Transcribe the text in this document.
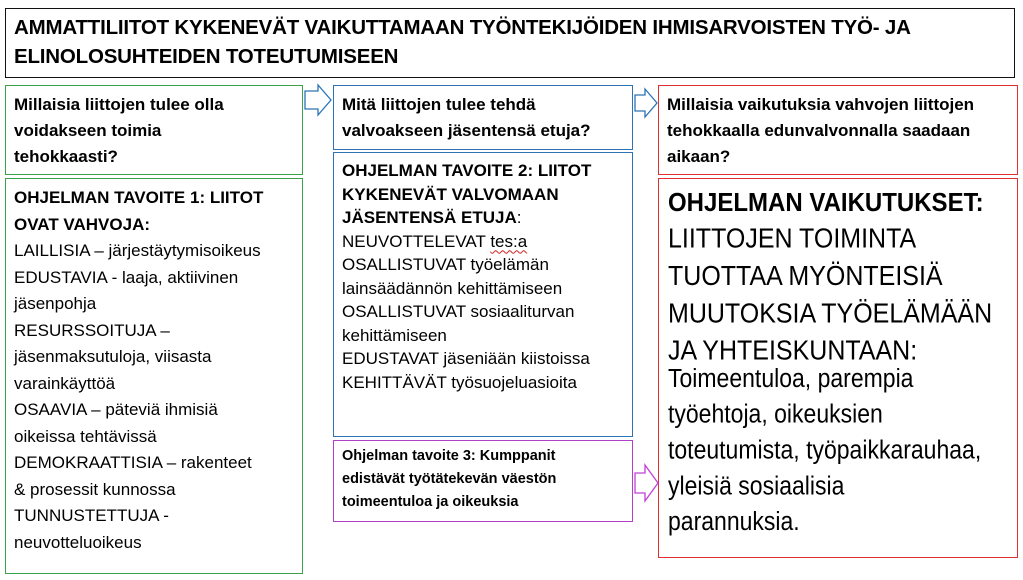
AMMATTILIITOT KYKENEVÄT VAIKUTTAMAAN TYÖNTEKIJÖIDEN IHMISARVOISTEN TYÖ- JA
ELINOLOSUHTEIDEN TOTEUTUMISEEN
Millaisia liittojen tulee olla
voidakseen toimia
tehokkaasti?
Mitä liittojen tulee tehdä
valvoakseen jäsentensä etuja?
Millaisia vaikutuksia vahvojen liittojen
tehokkaalla edunvalvonnalla saadaan
aikaan?
OHJELMAN TAVOITE 1: LIITOT
OVAT VAHVOJA:
LAILLISIA – järjestäytymisoikeus
EDUSTAVIA - laaja, aktiivinen
jäsenpohja
RESURSSOITUJA –
jäsenmaksutuloja, viisasta
varainkäyttöä
OSAAVIA – päteviä ihmisiä
oikeissa tehtävissä
DEMOKRAATTISIA – rakenteet
& prosessit kunnossa
TUNNUSTETTUJA -
neuvotteluoikeus
OHJELMAN TAVOITE 2: LIITOT
KYKENEVÄT VALVOMAAN
JÄSENTENSÄ ETUJA:
NEUVOTTELEVAT tes:a
OSALLISTUVAT työelämän
lainsäädännön kehittämiseen
OSALLISTUVAT sosiaaliturvan
kehittämiseen
EDUSTAVAT jäseniään kiistoissa
KEHITTÄVÄT työsuojeluasioita
Ohjelman tavoite 3: Kumppanit
edistävät työtätekevän väestön
toimeentuloa ja oikeuksia
OHJELMAN VAIKUTUKSET:
LIITTOJEN TOIMINTA
TUOTTAA MYÖNTEISIÄ
MUUTOKSIA TYÖELÄMÄÄN
JA YHTEISKUNTAAN:
Toimeentuloa, parempia
työehtoja, oikeuksien
toteutumista, työpaikkarauhaa,
yleisiä sosiaalisia
parannuksia.
